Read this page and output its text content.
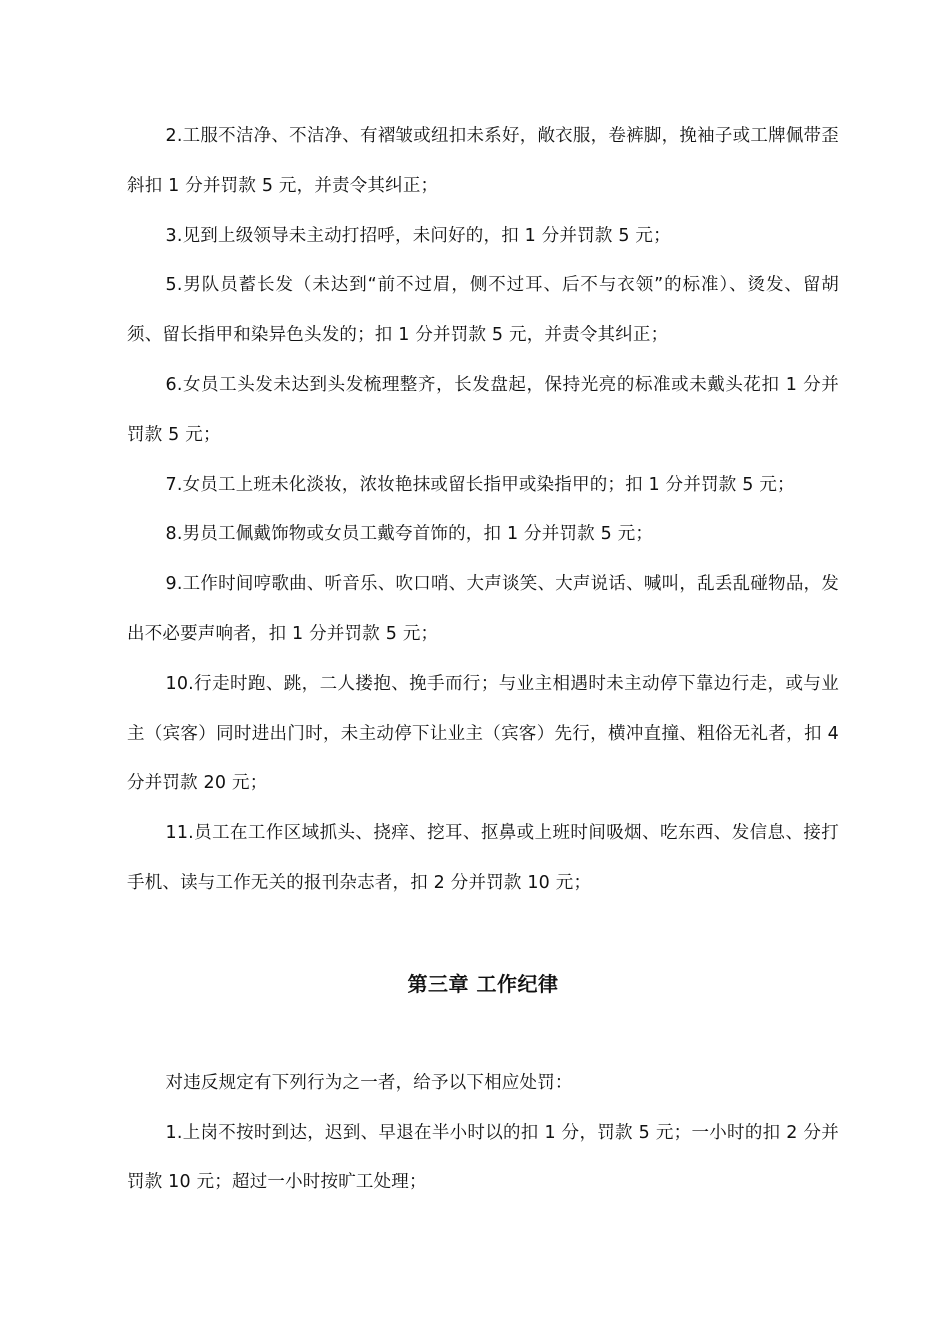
2.工服不洁净、不洁净、有褶皱或纽扣未系好，敞衣服，卷裤脚，挽袖子或工牌佩带歪斜扣 1 分并罚款 5 元，并责令其纠正；

3.见到上级领导未主动打招呼，未问好的，扣 1 分并罚款 5 元；

5.男队员蓄长发（未达到“前不过眉，侧不过耳、后不与衣领”的标准）、烫发、留胡须、留长指甲和染异色头发的；扣 1 分并罚款 5 元，并责令其纠正；

6.女员工头发未达到头发梳理整齐，长发盘起，保持光亮的标准或未戴头花扣 1 分并罚款 5 元；

7.女员工上班未化淡妆，浓妆艳抹或留长指甲或染指甲的；扣 1 分并罚款 5 元；

8.男员工佩戴饰物或女员工戴夸首饰的，扣 1 分并罚款 5 元；

9.工作时间哼歌曲、听音乐、吹口哨、大声谈笑、大声说话、喊叫，乱丢乱碰物品，发出不必要声响者，扣 1 分并罚款 5 元；

10.行走时跑、跳，二人搂抱、挽手而行；与业主相遇时未主动停下靠边行走，或与业主（宾客）同时进出门时，未主动停下让业主（宾客）先行，横冲直撞、粗俗无礼者，扣 4 分并罚款 20 元；

11.员工在工作区域抓头、挠痒、挖耳、抠鼻或上班时间吸烟、吃东西、发信息、接打手机、读与工作无关的报刊杂志者，扣 2 分并罚款 10 元；

第三章 工作纪律

对违反规定有下列行为之一者，给予以下相应处罚：

1.上岗不按时到达，迟到、早退在半小时以的扣 1 分，罚款 5 元；一小时的扣 2 分并罚款 10 元；超过一小时按旷工处理；
